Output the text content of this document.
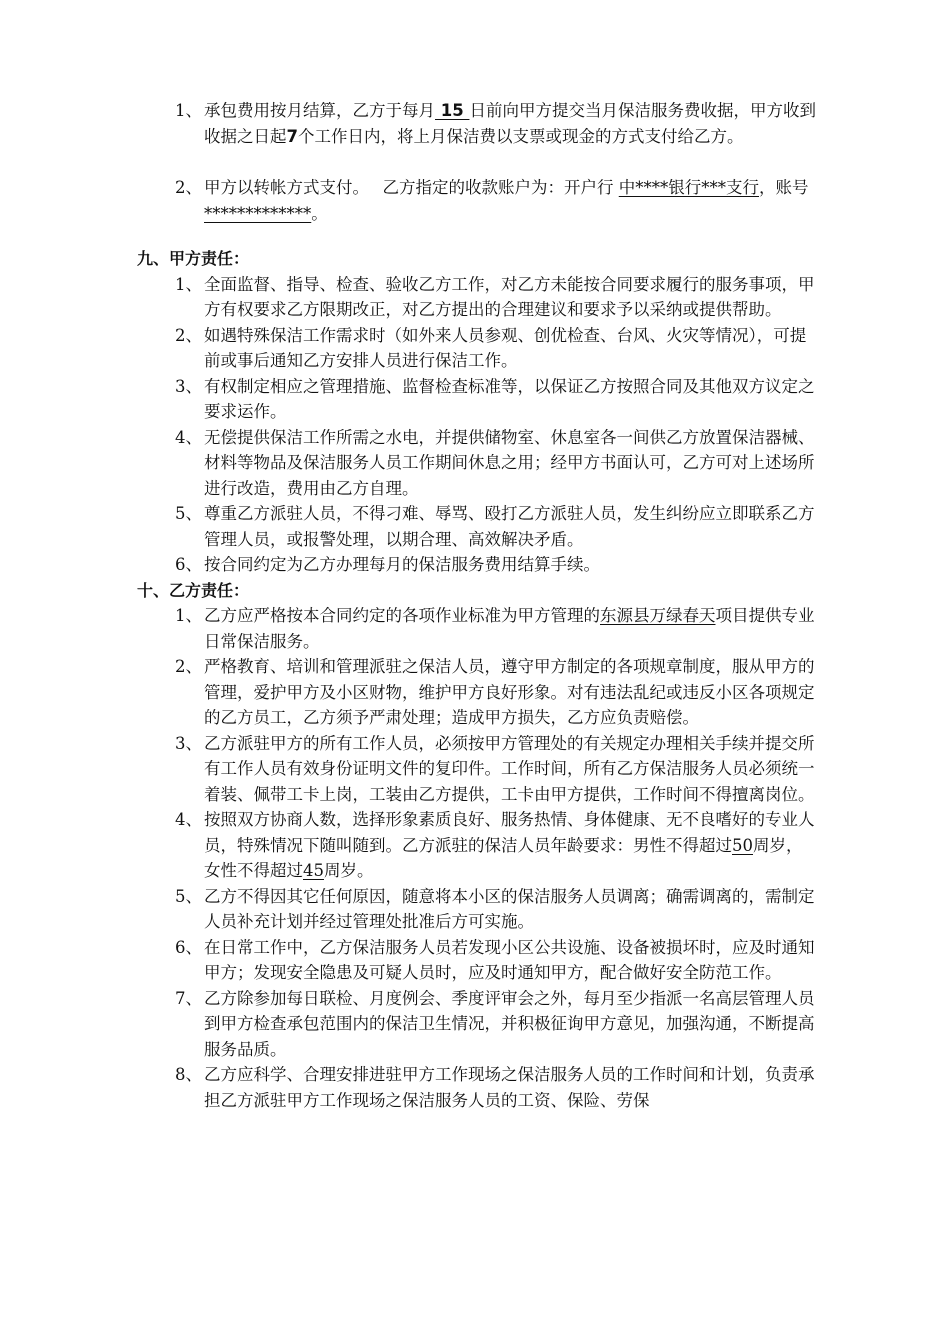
1、 承包费用按月结算，乙方于每月 15 日前向甲方提交当月保洁服务费收据，甲方收到收据之日起7个工作日内，将上月保洁费以支票或现金的方式支付给乙方。
2、 甲方以转帐方式支付。　 乙方指定的收款账户为：开户行 中****银行***支行，账号*************。
九、甲方责任：
1、 全面监督、指导、检查、验收乙方工作，对乙方未能按合同要求履行的服务事项，甲方有权要求乙方限期改正，对乙方提出的合理建议和要求予以采纳或提供帮助。
2、 如遇特殊保洁工作需求时（如外来人员参观、创优检查、台风、火灾等情况），可提前或事后通知乙方安排人员进行保洁工作。
3、 有权制定相应之管理措施、监督检查标准等，以保证乙方按照合同及其他双方议定之要求运作。
4、 无偿提供保洁工作所需之水电，并提供储物室、休息室各一间供乙方放置保洁器械、材料等物品及保洁服务人员工作期间休息之用；经甲方书面认可，乙方可对上述场所进行改造，费用由乙方自理。
5、 尊重乙方派驻人员，不得刁难、辱骂、殴打乙方派驻人员，发生纠纷应立即联系乙方管理人员，或报警处理，以期合理、高效解决矛盾。
6、 按合同约定为乙方办理每月的保洁服务费用结算手续。
十、乙方责任：
1、 乙方应严格按本合同约定的各项作业标准为甲方管理的东源县万绿春天项目提供专业日常保洁服务。
2、 严格教育、培训和管理派驻之保洁人员，遵守甲方制定的各项规章制度，服从甲方的管理，爱护甲方及小区财物，维护甲方良好形象。对有违法乱纪或违反小区各项规定的乙方员工，乙方须予严肃处理；造成甲方损失，乙方应负责赔偿。
3、 乙方派驻甲方的所有工作人员，必须按甲方管理处的有关规定办理相关手续并提交所有工作人员有效身份证明文件的复印件。工作时间，所有乙方保洁服务人员必须统一着装、佩带工卡上岗，工装由乙方提供，工卡由甲方提供，工作时间不得擅离岗位。
4、 按照双方协商人数，选择形象素质良好、服务热情、身体健康、无不良嗜好的专业人员，特殊情况下随叫随到。乙方派驻的保洁人员年龄要求：男性不得超过50周岁，女性不得超过45周岁。
5、 乙方不得因其它任何原因，随意将本小区的保洁服务人员调离；确需调离的，需制定人员补充计划并经过管理处批准后方可实施。
6、 在日常工作中，乙方保洁服务人员若发现小区公共设施、设备被损坏时，应及时通知甲方；发现安全隐患及可疑人员时，应及时通知甲方，配合做好安全防范工作。
7、 乙方除参加每日联检、月度例会、季度评审会之外，每月至少指派一名高层管理人员到甲方检查承包范围内的保洁卫生情况，并积极征询甲方意见，加强沟通，不断提高服务品质。
8、 乙方应科学、合理安排进驻甲方工作现场之保洁服务人员的工作时间和计划，负责承担乙方派驻甲方工作现场之保洁服务人员的工资、保险、劳保
